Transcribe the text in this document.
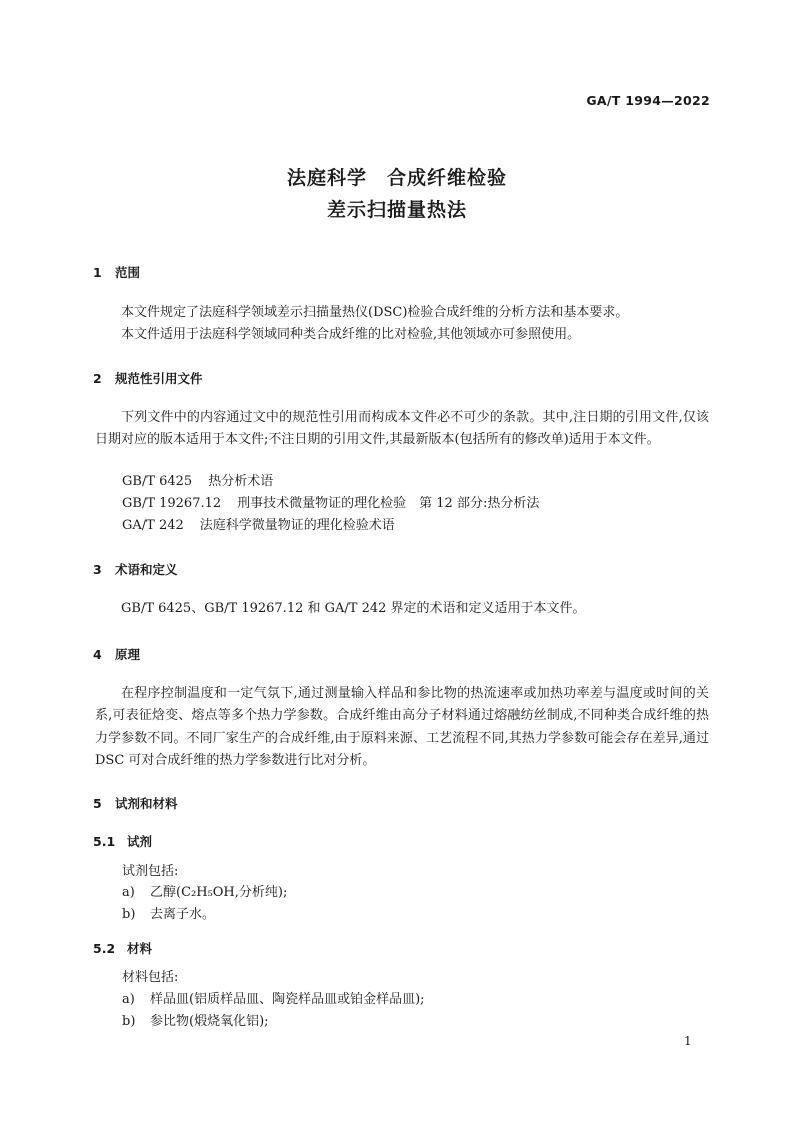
GA/T 1994—2022
法庭科学　合成纤维检验
差示扫描量热法
1 范围

本文件规定了法庭科学领域差示扫描量热仪(DSC)检验合成纤维的分析方法和基本要求。

本文件适用于法庭科学领域同种类合成纤维的比对检验,其他领域亦可参照使用。

2 规范性引用文件

下列文件中的内容通过文中的规范性引用而构成本文件必不可少的条款。其中,注日期的引用文件,仅该日期对应的版本适用于本文件;不注日期的引用文件,其最新版本(包括所有的修改单)适用于本文件。

GB/T 6425 热分析术语
GB/T 19267.12 刑事技术微量物证的理化检验　第 12 部分:热分析法
GA/T 242 法庭科学微量物证的理化检验术语
3 术语和定义

GB/T 6425、GB/T 19267.12 和 GA/T 242 界定的术语和定义适用于本文件。

4 原理

在程序控制温度和一定气氛下,通过测量输入样品和参比物的热流速率或加热功率差与温度或时间的关系,可表征焓变、熔点等多个热力学参数。合成纤维由高分子材料通过熔融纺丝制成,不同种类合成纤维的热力学参数不同。不同厂家生产的合成纤维,由于原料来源、工艺流程不同,其热力学参数可能会存在差异,通过 DSC 可对合成纤维的热力学参数进行比对分析。

5 试剂和材料
5.1 试剂
试剂包括:
a) 乙醇(C₂H₅OH,分析纯);
b) 去离子水。
5.2 材料
材料包括:
a) 样品皿(铝质样品皿、陶瓷样品皿或铂金样品皿);
b) 参比物(煅烧氧化铝);
1
